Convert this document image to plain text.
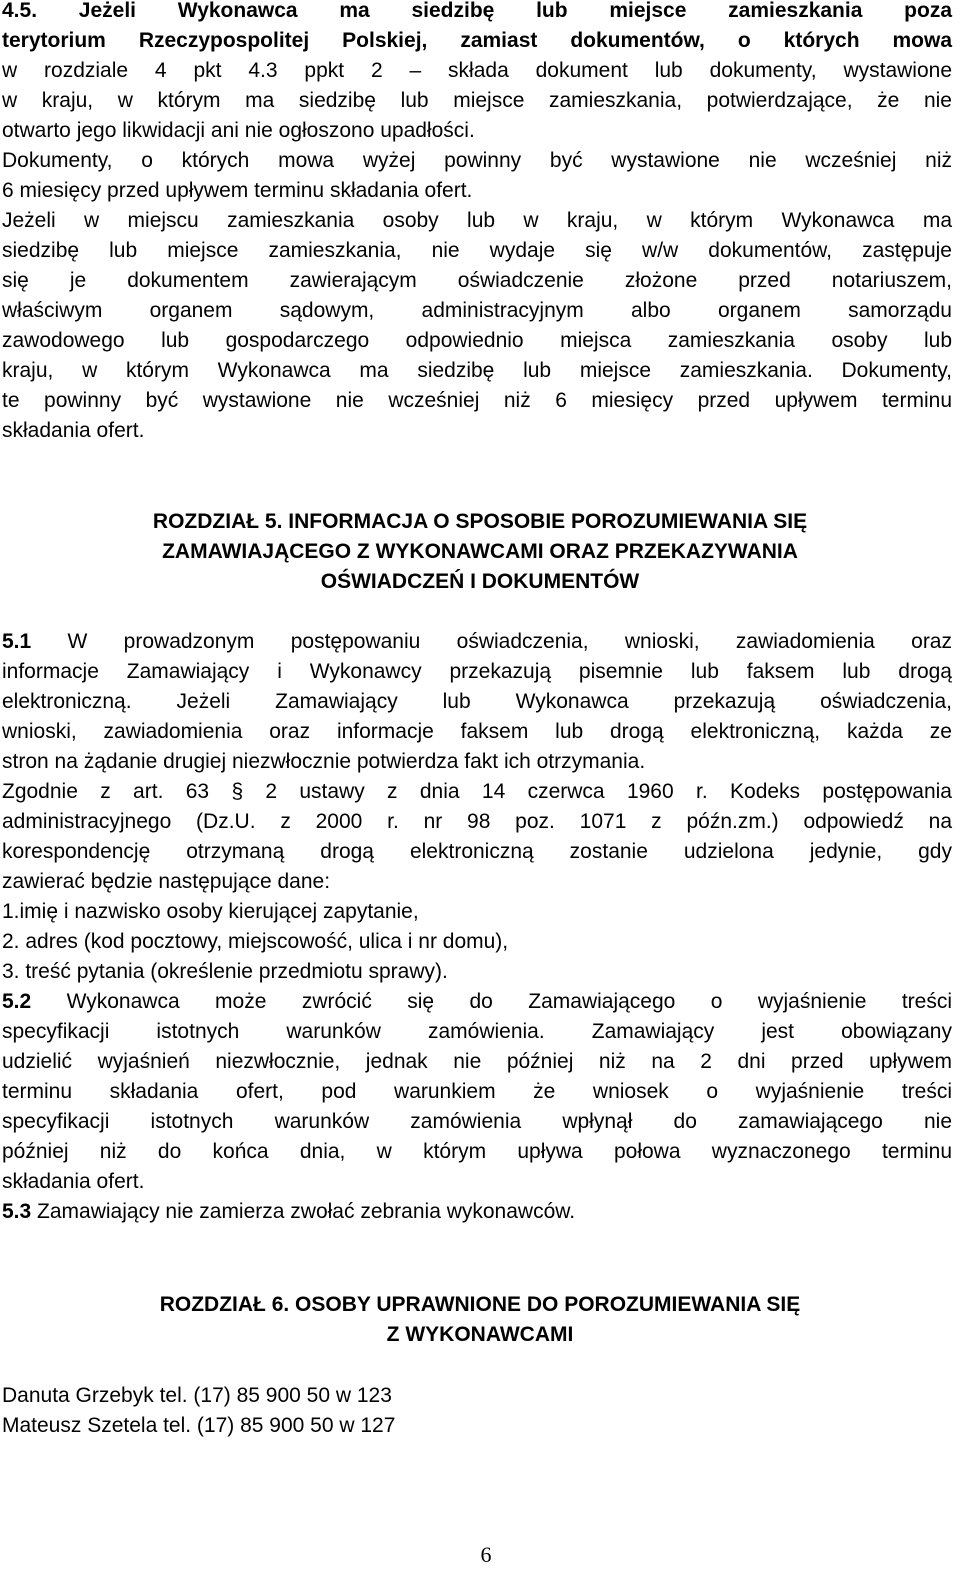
4.5. Jeżeli Wykonawca ma siedzibę lub miejsce zamieszkania poza
terytorium Rzeczypospolitej Polskiej, zamiast dokumentów, o których mowa
w rozdziale 4 pkt 4.3 ppkt 2 – składa dokument lub dokumenty, wystawione
w kraju, w którym ma siedzibę lub miejsce zamieszkania, potwierdzające, że nie
otwarto jego likwidacji ani nie ogłoszono upadłości.
Dokumenty, o których mowa wyżej powinny być wystawione nie wcześniej niż
6 miesięcy przed upływem terminu składania ofert.
Jeżeli w miejscu zamieszkania osoby lub w kraju, w którym Wykonawca ma
siedzibę lub miejsce zamieszkania, nie wydaje się w/w dokumentów, zastępuje
się je dokumentem zawierającym oświadczenie złożone przed notariuszem,
właściwym organem sądowym, administracyjnym albo organem samorządu
zawodowego lub gospodarczego odpowiednio miejsca zamieszkania osoby lub
kraju, w którym Wykonawca ma siedzibę lub miejsce zamieszkania. Dokumenty,
te powinny być wystawione nie wcześniej niż 6 miesięcy przed upływem terminu
składania ofert.
ROZDZIAŁ 5. INFORMACJA O SPOSOBIE POROZUMIEWANIA SIĘ
ZAMAWIAJĄCEGO Z WYKONAWCAMI ORAZ PRZEKAZYWANIA
OŚWIADCZEŃ I DOKUMENTÓW
5.1 W prowadzonym postępowaniu oświadczenia, wnioski, zawiadomienia oraz
informacje Zamawiający i Wykonawcy przekazują pisemnie lub faksem lub drogą
elektroniczną. Jeżeli Zamawiający lub Wykonawca przekazują oświadczenia,
wnioski, zawiadomienia oraz informacje faksem lub drogą elektroniczną, każda ze
stron na żądanie drugiej niezwłocznie potwierdza fakt ich otrzymania.
Zgodnie z art. 63 § 2 ustawy z dnia 14 czerwca 1960 r. Kodeks postępowania
administracyjnego (Dz.U. z 2000 r. nr 98 poz. 1071 z późn.zm.) odpowiedź na
korespondencję otrzymaną drogą elektroniczną zostanie udzielona jedynie, gdy
zawierać będzie następujące dane:
1.imię i nazwisko osoby kierującej zapytanie,
2. adres (kod pocztowy, miejscowość, ulica i nr domu),
3. treść pytania (określenie przedmiotu sprawy).
5.2 Wykonawca może zwrócić się do Zamawiającego o wyjaśnienie treści
specyfikacji istotnych warunków zamówienia. Zamawiający jest obowiązany
udzielić wyjaśnień niezwłocznie, jednak nie później niż na 2 dni przed upływem
terminu składania ofert, pod warunkiem że wniosek o wyjaśnienie treści
specyfikacji istotnych warunków zamówienia wpłynął do zamawiającego nie
później niż do końca dnia, w którym upływa połowa wyznaczonego terminu
składania ofert.
5.3 Zamawiający nie zamierza zwołać zebrania wykonawców.
ROZDZIAŁ 6. OSOBY UPRAWNIONE DO POROZUMIEWANIA SIĘ
Z WYKONAWCAMI
Danuta Grzebyk tel. (17) 85 900 50 w 123
Mateusz Szetela tel. (17) 85 900 50 w 127
6
